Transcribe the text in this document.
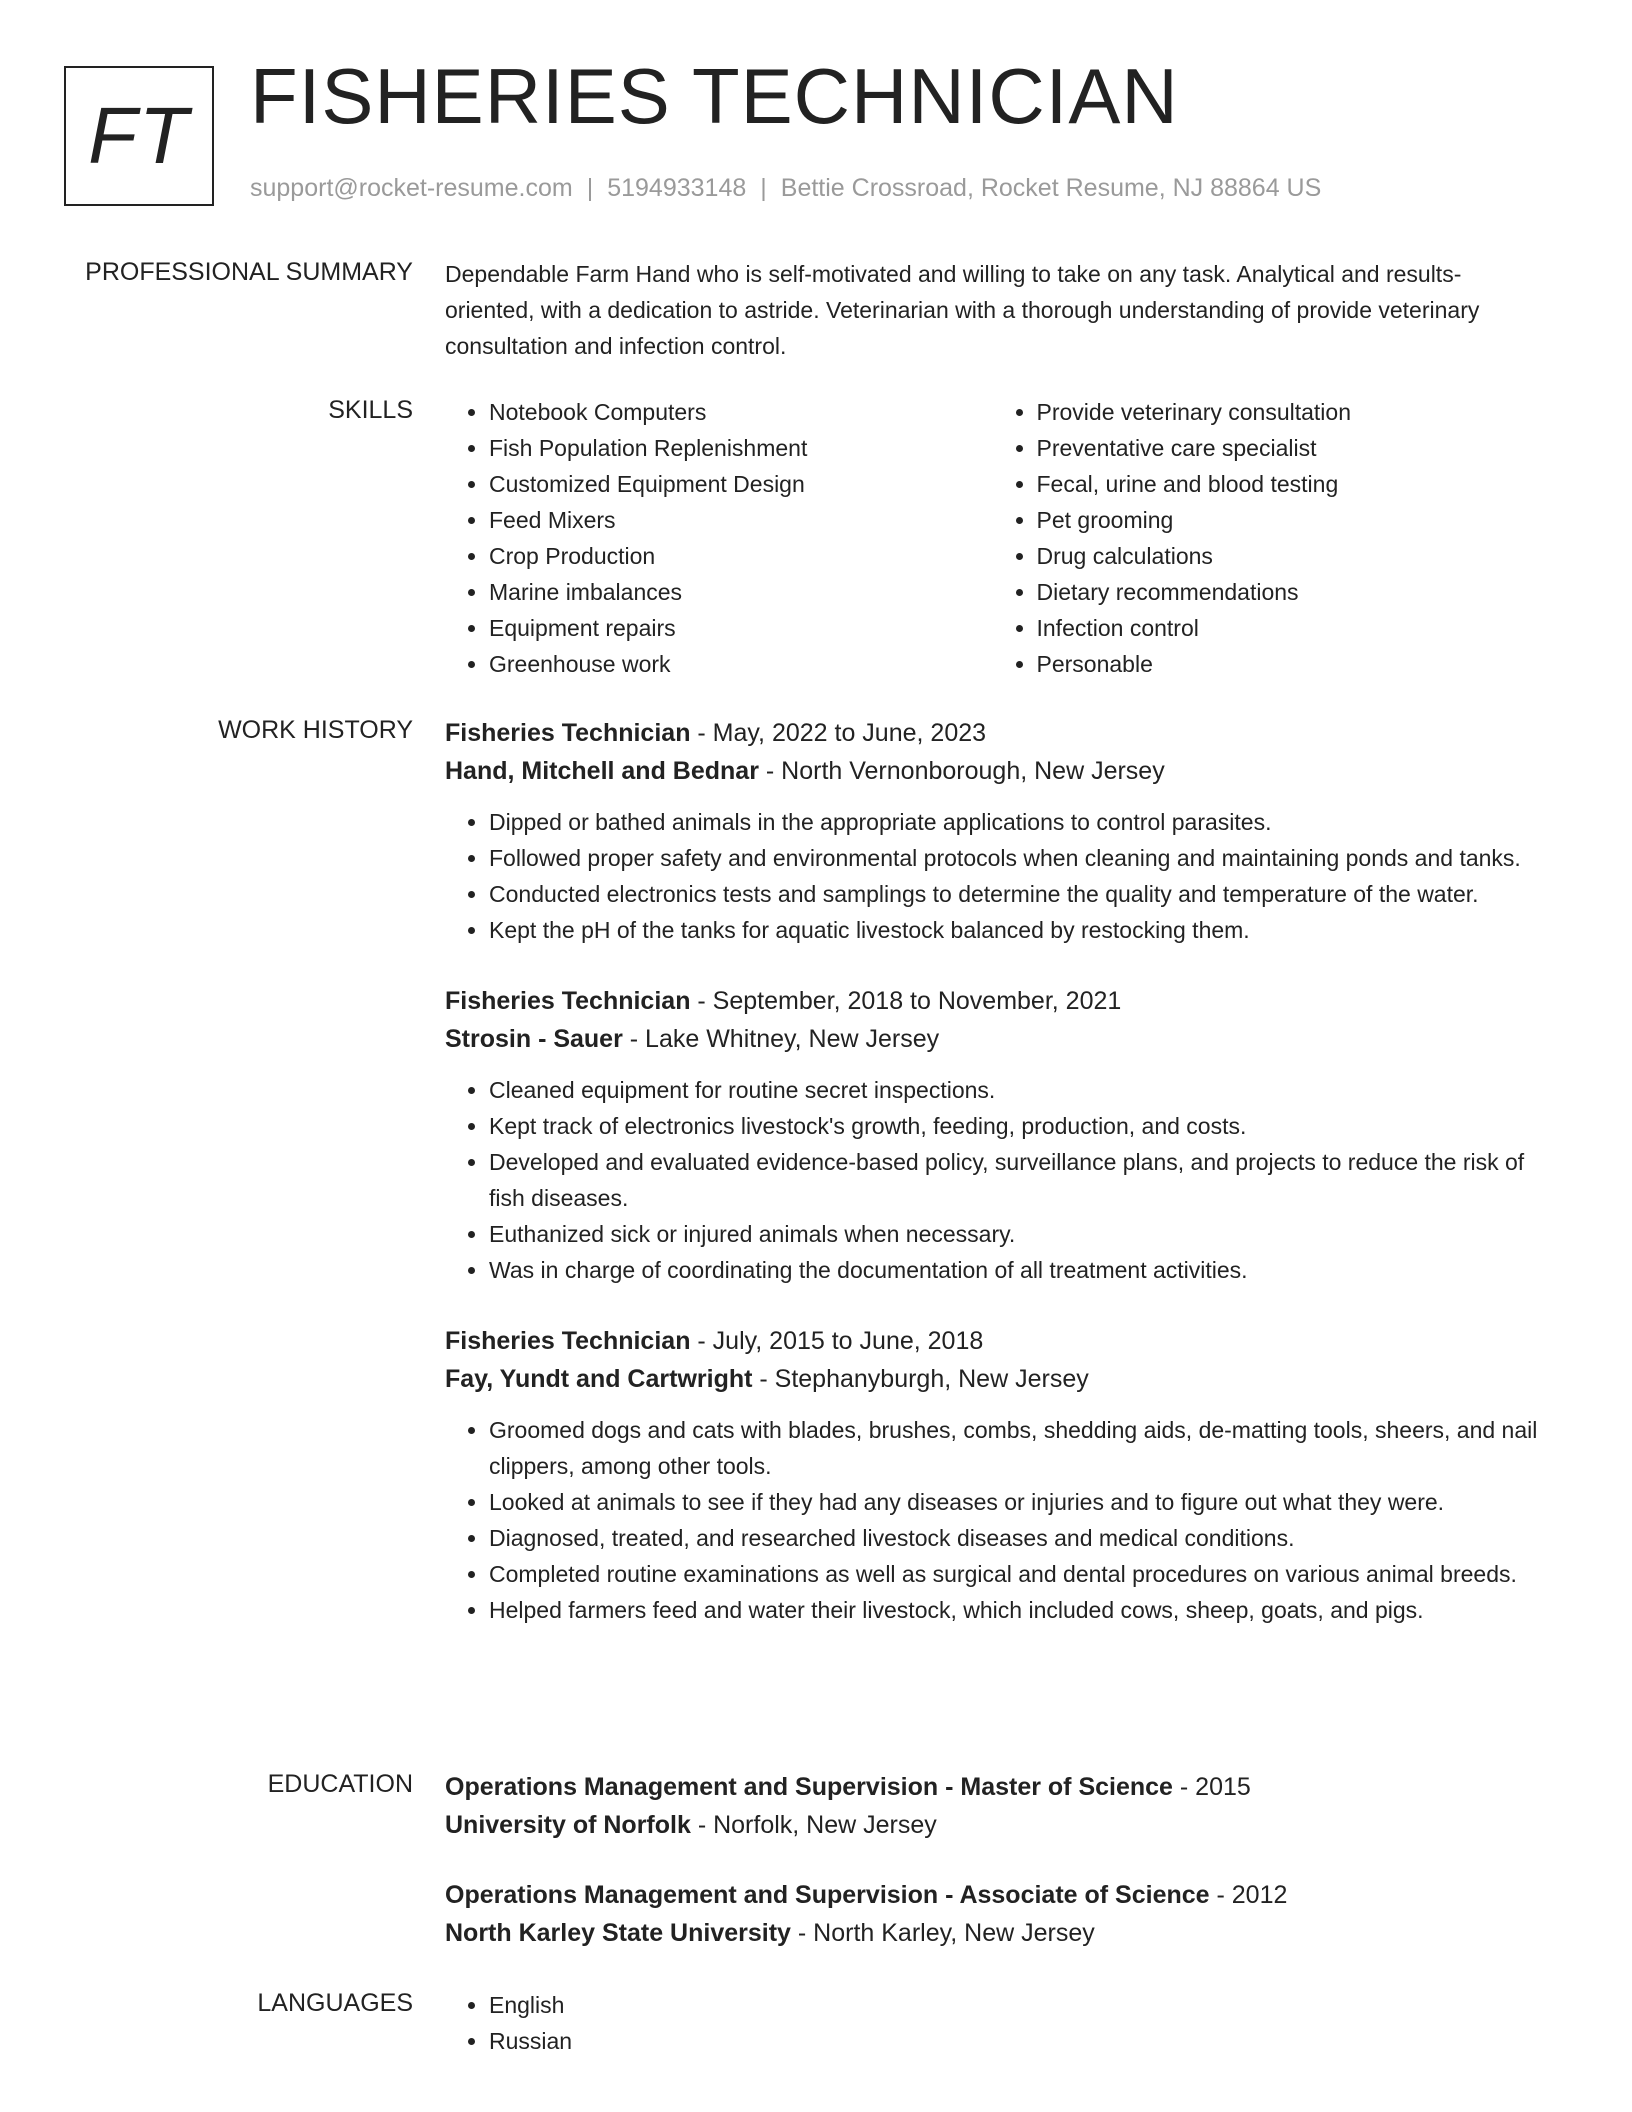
FT FISHERIES TECHNICIAN
support@rocket-resume.com | 5194933148 | Bettie Crossroad, Rocket Resume, NJ 88864 US
PROFESSIONAL SUMMARY Dependable Farm Hand who is self-motivated and willing to take on any task. Analytical and results-oriented, with a dedication to astride. Veterinarian with a thorough understanding of provide veterinary consultation and infection control.
SKILLS	• Notebook Computers
• Fish Population Replenishment
• Customized Equipment Design
• Feed Mixers
• Crop Production
• Marine imbalances
• Equipment repairs
• Greenhouse work
• Provide veterinary consultation
• Preventative care specialist
• Fecal, urine and blood testing
• Pet grooming
• Drug calculations
• Dietary recommendations
• Infection control
• Personable
WORK HISTORY Fisheries Technician - May, 2022 to June, 2023
Hand, Mitchell and Bednar - North Vernonborough, New Jersey
• Dipped or bathed animals in the appropriate applications to control parasites.
• Followed proper safety and environmental protocols when cleaning and maintaining ponds and tanks.
• Conducted electronics tests and samplings to determine the quality and temperature of the water.
• Kept the pH of the tanks for aquatic livestock balanced by restocking them.
Fisheries Technician - September, 2018 to November, 2021
Strosin - Sauer - Lake Whitney, New Jersey
• Cleaned equipment for routine secret inspections.
• Kept track of electronics livestock's growth, feeding, production, and costs.
• Developed and evaluated evidence-based policy, surveillance plans, and projects to reduce the risk of fish diseases.
• Euthanized sick or injured animals when necessary.
• Was in charge of coordinating the documentation of all treatment activities.
Fisheries Technician - July, 2015 to June, 2018
Fay, Yundt and Cartwright - Stephanyburgh, New Jersey
• Groomed dogs and cats with blades, brushes, combs, shedding aids, de-matting tools, sheers, and nail clippers, among other tools.
• Looked at animals to see if they had any diseases or injuries and to figure out what they were.
• Diagnosed, treated, and researched livestock diseases and medical conditions.
• Completed routine examinations as well as surgical and dental procedures on various animal breeds.
• Helped farmers feed and water their livestock, which included cows, sheep, goats, and pigs.
EDUCATION Operations Management and Supervision - Master of Science - 2015
University of Norfolk - Norfolk, New Jersey
Operations Management and Supervision - Associate of Science - 2012
North Karley State University - North Karley, New Jersey
LANGUAGES	• English
• Russian
